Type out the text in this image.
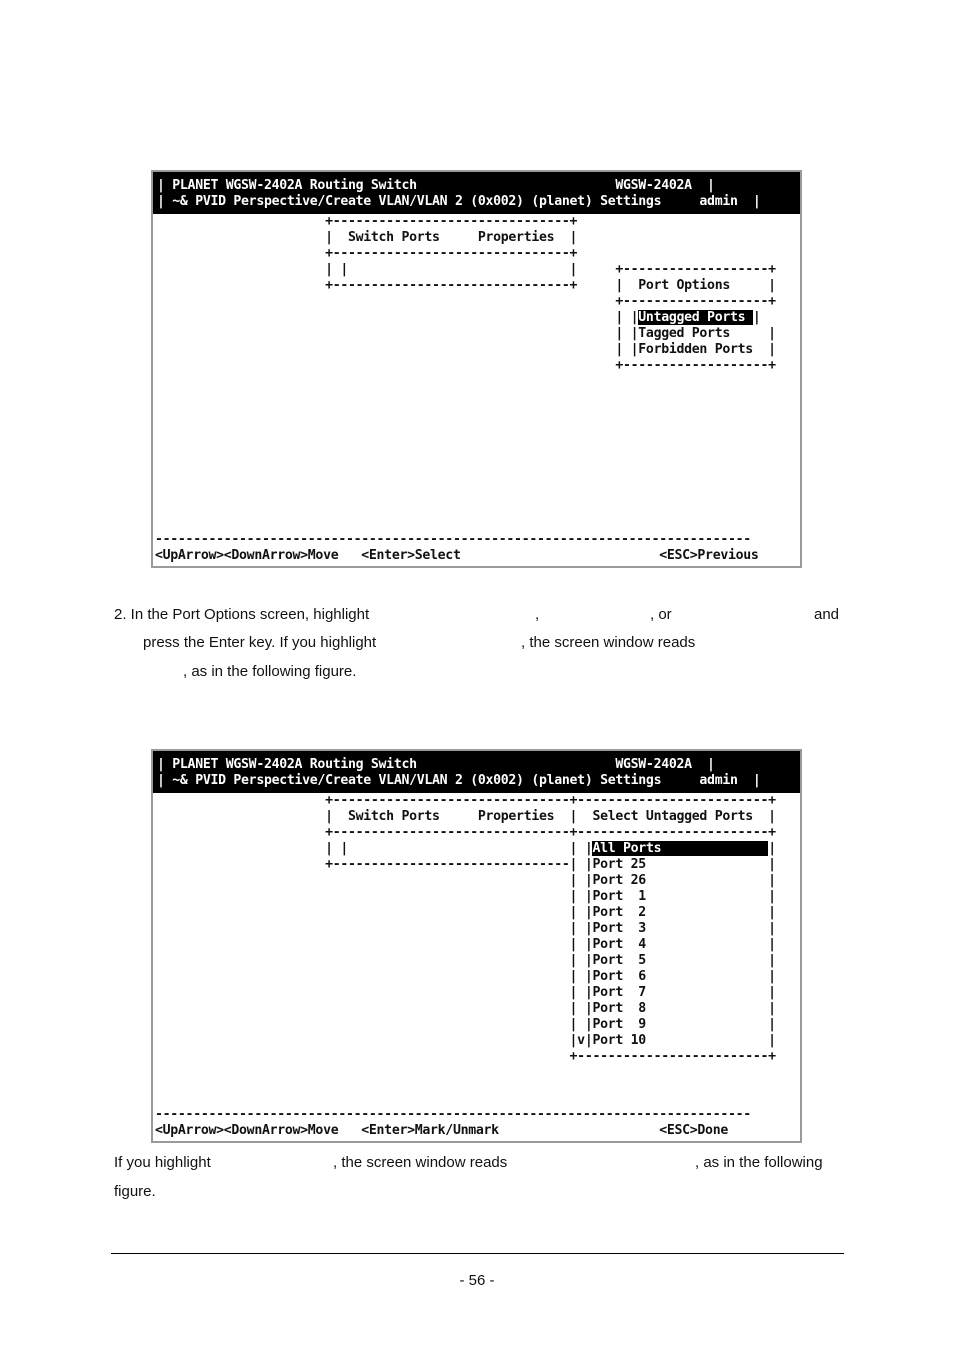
| PLANET WGSW-2402A Routing Switch                          WGSW-2402A  |
| ~& PVID Perspective/Create VLAN/VLAN 2 (0x002) (planet) Settings     admin  |
+-------------------------------+
|  Switch Ports     Properties  |
+-------------------------------+
| |                             |     +-------------------+
+-------------------------------+     |  Port Options     |
+-------------------+
| |Untagged Ports |
| |Tagged Ports     |
| |Forbidden Ports  |
+-------------------+
------------------------------------------------------------------------------
<UpArrow><DownArrow>Move   <Enter>Select                          <ESC>Previous
2. In the Port Options screen, highlight	,	, or	and
press the Enter key. If you highlight	, the screen window reads
, as in the following figure.
| PLANET WGSW-2402A Routing Switch                          WGSW-2402A  |
| ~& PVID Perspective/Create VLAN/VLAN 2 (0x002) (planet) Settings     admin  |
+-------------------------------+-------------------------+
|  Switch Ports     Properties  |  Select Untagged Ports  |
+-------------------------------+-------------------------+
| |                             | |All Ports              |
+-------------------------------| |Port 25                |
| |Port 26                |
| |Port  1                |
| |Port  2                |
| |Port  3                |
| |Port  4                |
| |Port  5                |
| |Port  6                |
| |Port  7                |
| |Port  8                |
| |Port  9                |
|v|Port 10                |
+-------------------------+
------------------------------------------------------------------------------
<UpArrow><DownArrow>Move   <Enter>Mark/Unmark                     <ESC>Done
If you highlight	, the screen window reads	, as in the following
figure.
- 56 -
